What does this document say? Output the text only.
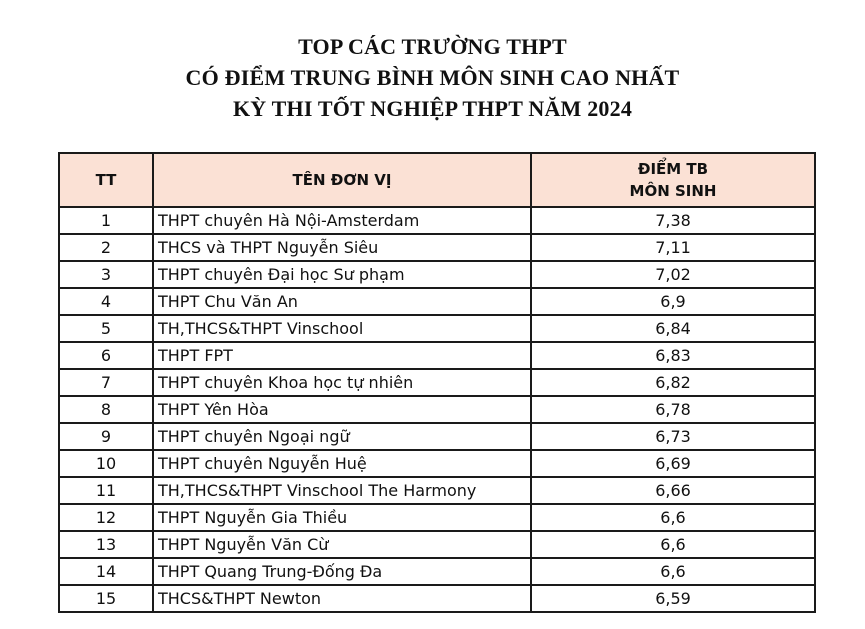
TOP CÁC TRƯỜNG THPT
CÓ ĐIỂM TRUNG BÌNH MÔN SINH CAO NHẤT
KỲ THI TỐT NGHIỆP THPT NĂM 2024
TT	TÊN ĐƠN VỊ	ĐIỂM TB
MÔN SINH

1	THPT chuyên Hà Nội-Amsterdam	7,38
2	THCS và THPT Nguyễn Siêu	7,11
3	THPT chuyên Đại học Sư phạm	7,02
4	THPT Chu Văn An	6,9
5	TH,THCS&THPT Vinschool	6,84
6	THPT FPT	6,83
7	THPT chuyên Khoa học tự nhiên	6,82
8	THPT Yên Hòa	6,78
9	THPT chuyên Ngoại ngữ	6,73
10	THPT chuyên Nguyễn Huệ	6,69
11	TH,THCS&THPT Vinschool The Harmony	6,66
12	THPT Nguyễn Gia Thiều	6,6
13	THPT Nguyễn Văn Cừ	6,6
14	THPT Quang Trung-Đống Đa	6,6
15	THCS&THPT Newton	6,59
